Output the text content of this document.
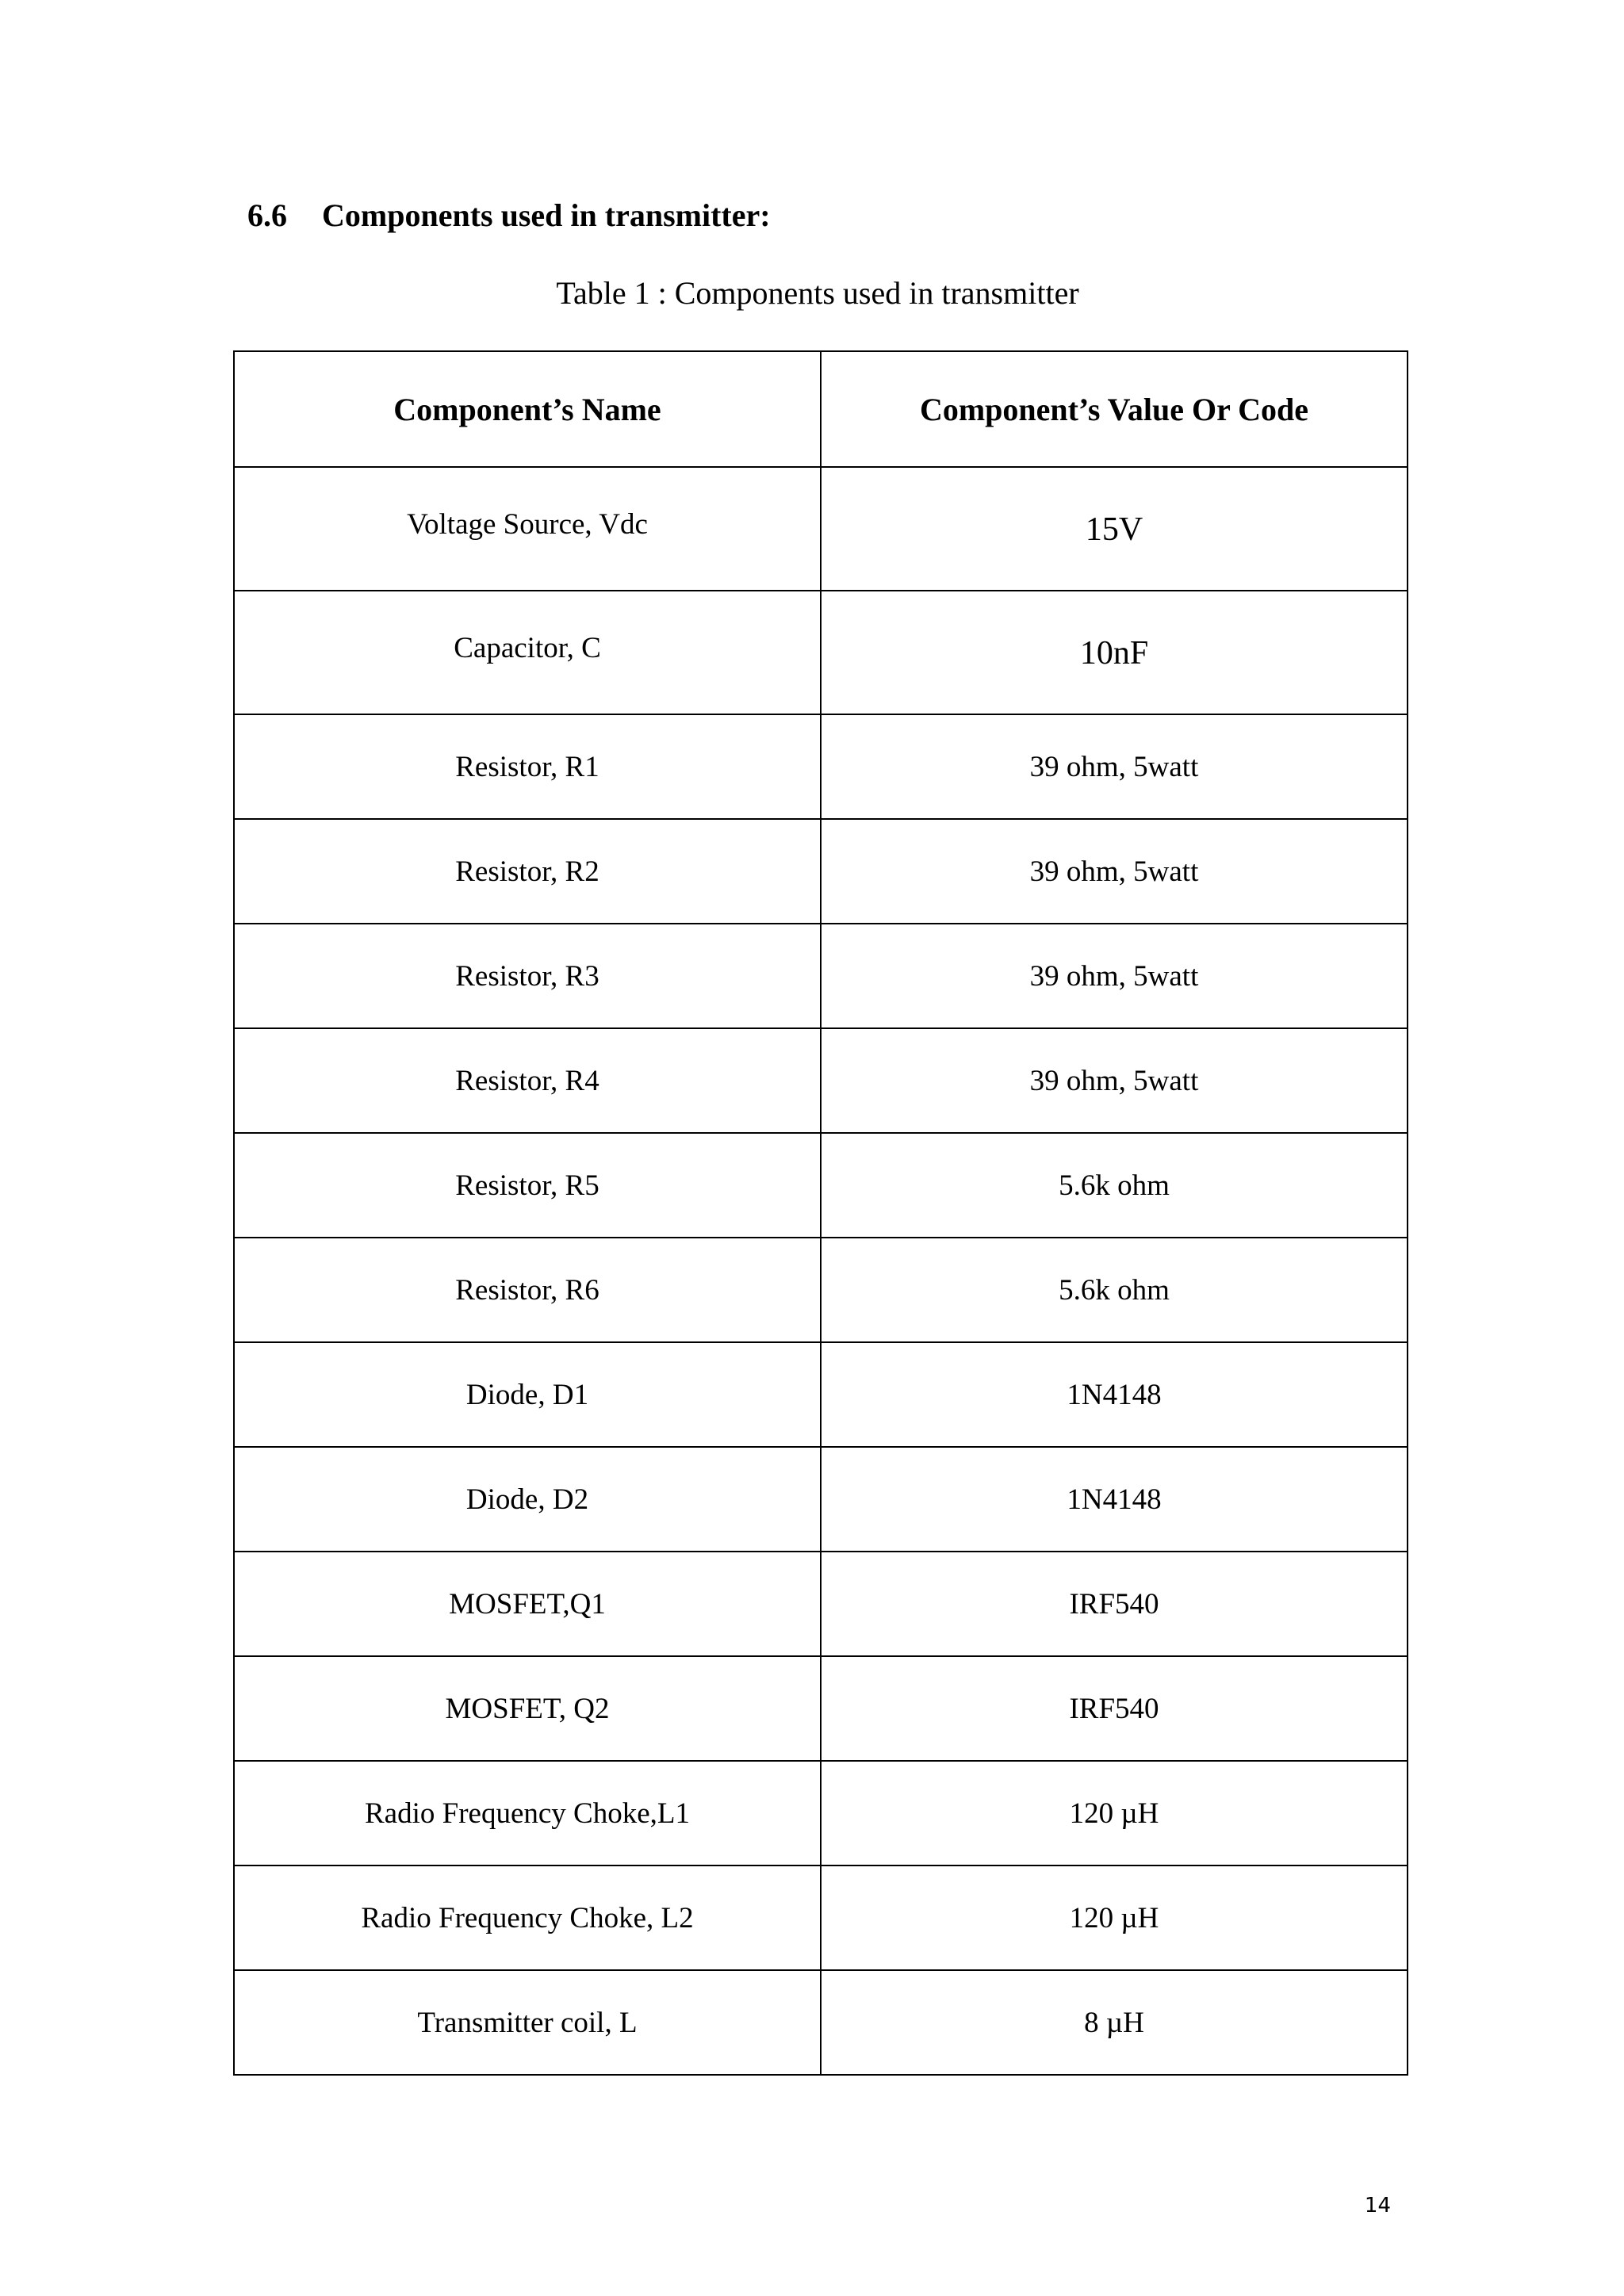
6.6 Components used in transmitter:
Table 1 : Components used in transmitter
Component’s Name	Component’s Value Or Code
Voltage Source, Vdc	15V
Capacitor, C	10nF
Resistor, R1	39 ohm, 5watt
Resistor, R2	39 ohm, 5watt
Resistor, R3	39 ohm, 5watt
Resistor, R4	39 ohm, 5watt
Resistor, R5	5.6k ohm
Resistor, R6	5.6k ohm
Diode, D1	1N4148
Diode, D2	1N4148
MOSFET,Q1	IRF540
MOSFET, Q2	IRF540
Radio Frequency Choke,L1	120 µH
Radio Frequency Choke, L2	120 µH
Transmitter coil, L	8 µH
14
